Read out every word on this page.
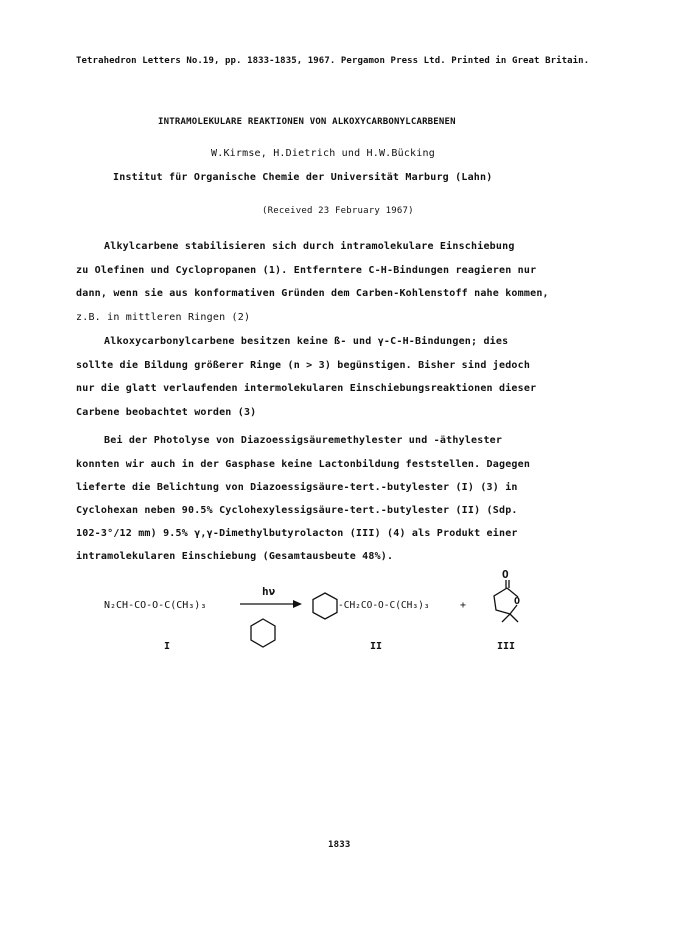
Tetrahedron Letters No.19, pp. 1833-1835, 1967. Pergamon Press Ltd. Printed in Great Britain.
INTRAMOLEKULARE REAKTIONEN VON ALKOXYCARBONYLCARBENEN
W.Kirmse, H.Dietrich und H.W.Bücking
Institut für Organische Chemie der Universität Marburg (Lahn)
(Received 23 February 1967)
Alkylcarbene stabilisieren sich durch intramolekulare Einschiebung
zu Olefinen und Cyclopropanen (1). Entferntere C-H-Bindungen reagieren nur
dann, wenn sie aus konformativen Gründen dem Carben-Kohlenstoff nahe kommen,
z.B. in mittleren Ringen (2)
Alkoxycarbonylcarbene besitzen keine ß- und γ-C-H-Bindungen; dies
sollte die Bildung größerer Ringe (n > 3) begünstigen. Bisher sind jedoch
nur die glatt verlaufenden intermolekularen Einschiebungsreaktionen dieser
Carbene beobachtet worden (3)
Bei der Photolyse von Diazoessigsäuremethylester und -äthylester
konnten wir auch in der Gasphase keine Lactonbildung feststellen. Dagegen
lieferte die Belichtung von Diazoessigsäure-tert.-butylester (I) (3) in
Cyclohexan neben 90.5% Cyclohexylessigsäure-tert.-butylester (II) (Sdp.
102-3°/12 mm) 9.5% γ,γ-Dimethylbutyrolacton (III) (4) als Produkt einer
intramolekularen Einschiebung (Gesamtausbeute 48%).
N₂CH-CO-O-C(CH₃)₃
hν
-CH₂CO-O-C(CH₃)₃	+
O
O
I	II	III
1833
